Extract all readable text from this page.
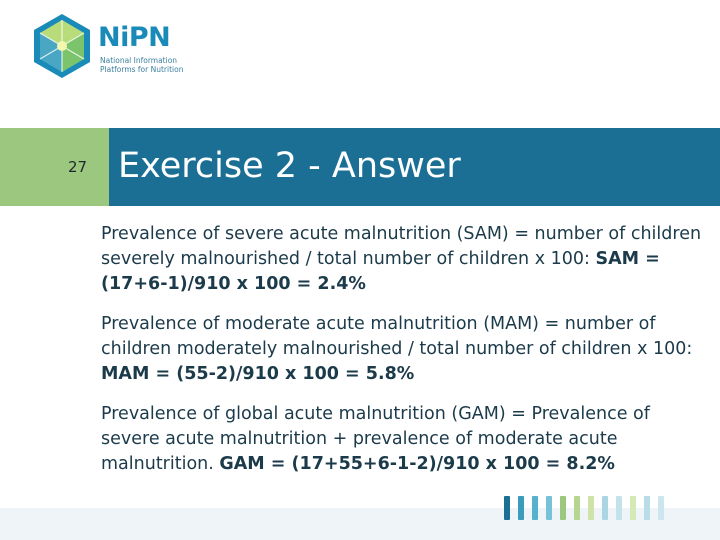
NiPN
National Information
Platforms for Nutrition
27 Exercise 2 - Answer

Prevalence of severe acute malnutrition (SAM) = number of children severely malnourished / total number of children x 100: SAM =(17+6-1)/910 x 100 = 2.4%

Prevalence of moderate acute malnutrition (MAM) = number of children moderately malnourished / total number of children x 100: MAM = (55-2)/910 x 100 = 5.8%

Prevalence of global acute malnutrition (GAM) = Prevalence of severe acute malnutrition + prevalence of moderate acute malnutrition. GAM = (17+55+6-1-2)/910 x 100 = 8.2%
